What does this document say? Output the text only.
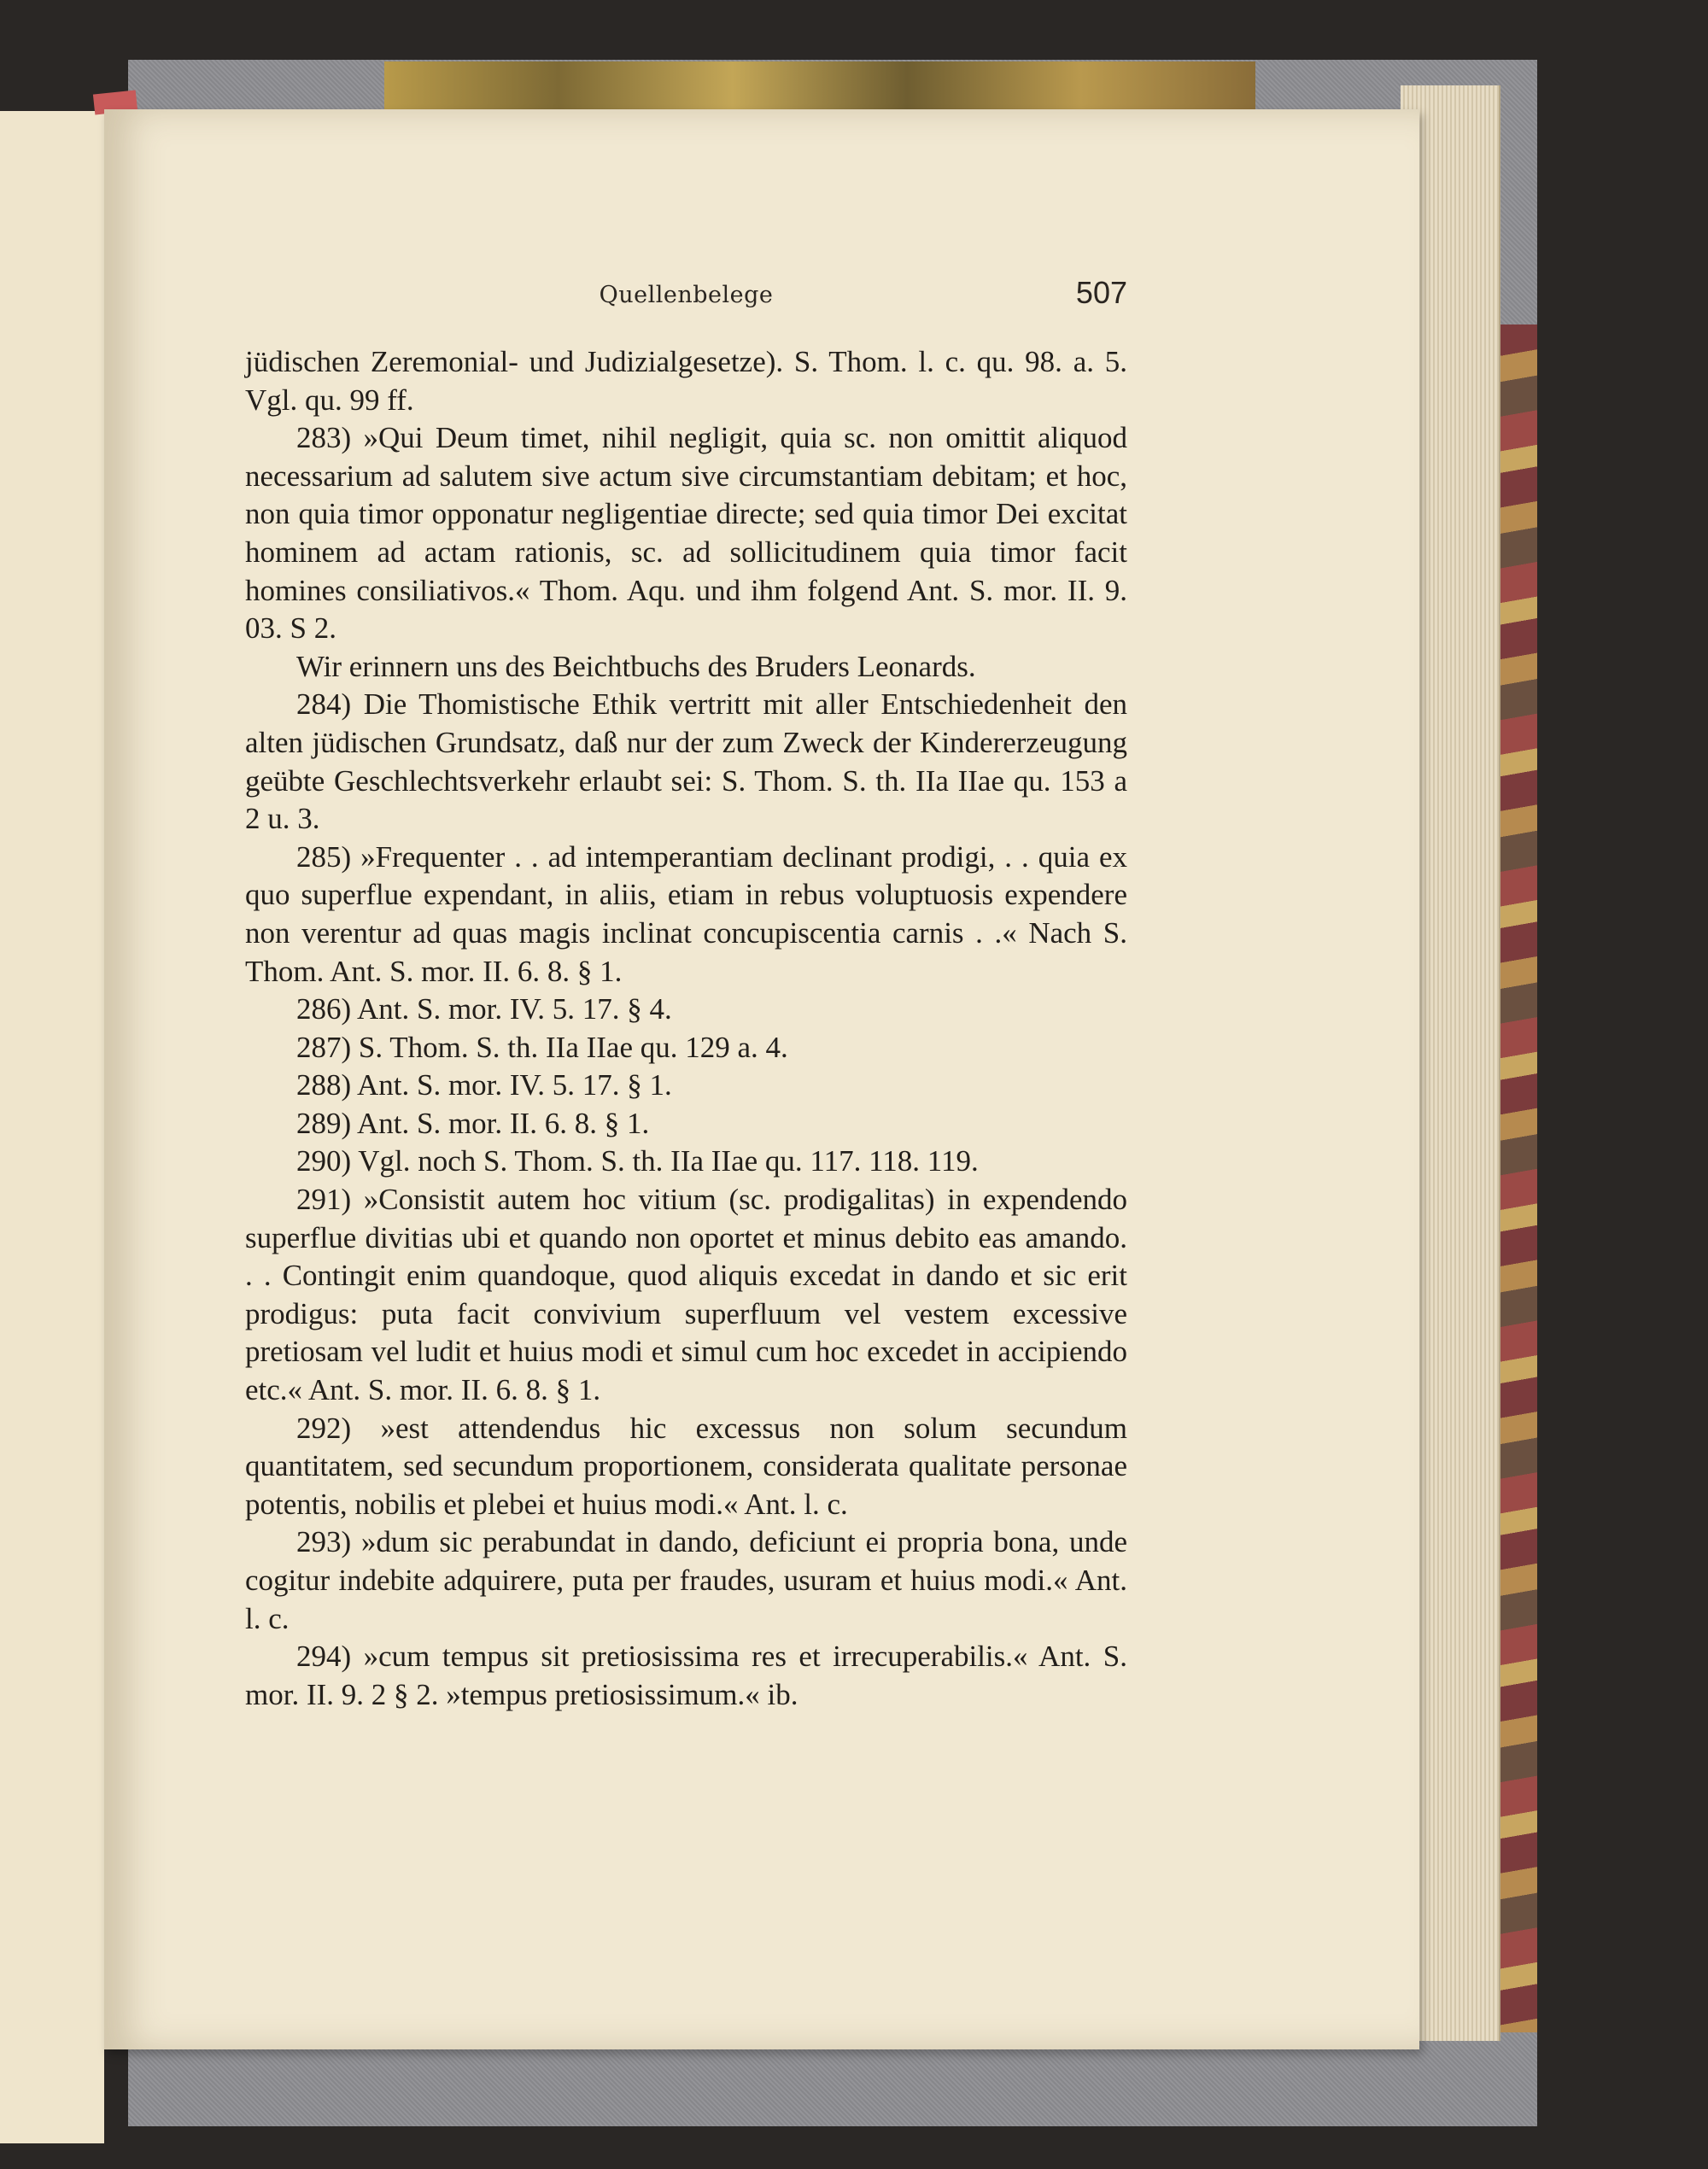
Quellenbelege	507

jüdischen Zeremonial- und Judizialgesetze). S. Thom. l. c. qu. 98. a. 5. Vgl. qu. 99 ff.

283) »Qui Deum timet, nihil negligit, quia sc. non omittit aliquod necessarium ad salutem sive actum sive circumstantiam debitam; et hoc, non quia timor opponatur negligentiae directe; sed quia timor Dei excitat hominem ad actam rationis, sc. ad sollicitudinem quia timor facit homines consiliativos.« Thom. Aqu. und ihm folgend Ant. S. mor. II. 9. 03. S 2.

Wir erinnern uns des Beichtbuchs des Bruders Leonards.

284) Die Thomistische Ethik vertritt mit aller Entschiedenheit den alten jüdischen Grundsatz, daß nur der zum Zweck der Kindererzeugung geübte Geschlechtsverkehr erlaubt sei: S. Thom. S. th. IIa IIae qu. 153 a 2 u. 3.

285) »Frequenter . . ad intemperantiam declinant prodigi, . . quia ex quo superflue expendant, in aliis, etiam in rebus voluptuosis expendere non verentur ad quas magis inclinat concupiscentia carnis . .« Nach S. Thom. Ant. S. mor. II. 6. 8. § 1.

286) Ant. S. mor. IV. 5. 17. § 4.

287) S. Thom. S. th. IIa IIae qu. 129 a. 4.

288) Ant. S. mor. IV. 5. 17. § 1.

289) Ant. S. mor. II. 6. 8. § 1.

290) Vgl. noch S. Thom. S. th. IIa IIae qu. 117. 118. 119.

291) »Consistit autem hoc vitium (sc. prodigalitas) in expendendo superflue divitias ubi et quando non oportet et minus debito eas amando. . . Contingit enim quandoque, quod aliquis excedat in dando et sic erit prodigus: puta facit convivium superfluum vel vestem excessive pretiosam vel ludit et huius modi et simul cum hoc excedet in accipiendo etc.« Ant. S. mor. II. 6. 8. § 1.

292) »est attendendus hic excessus non solum secundum quantitatem, sed secundum proportionem, considerata qualitate personae potentis, nobilis et plebei et huius modi.« Ant. l. c.

293) »dum sic perabundat in dando, deficiunt ei propria bona, unde cogitur indebite adquirere, puta per fraudes, usuram et huius modi.« Ant. l. c.

294) »cum tempus sit pretiosissima res et irrecuperabilis.« Ant. S. mor. II. 9. 2 § 2. »tempus pretiosissimum.« ib.
